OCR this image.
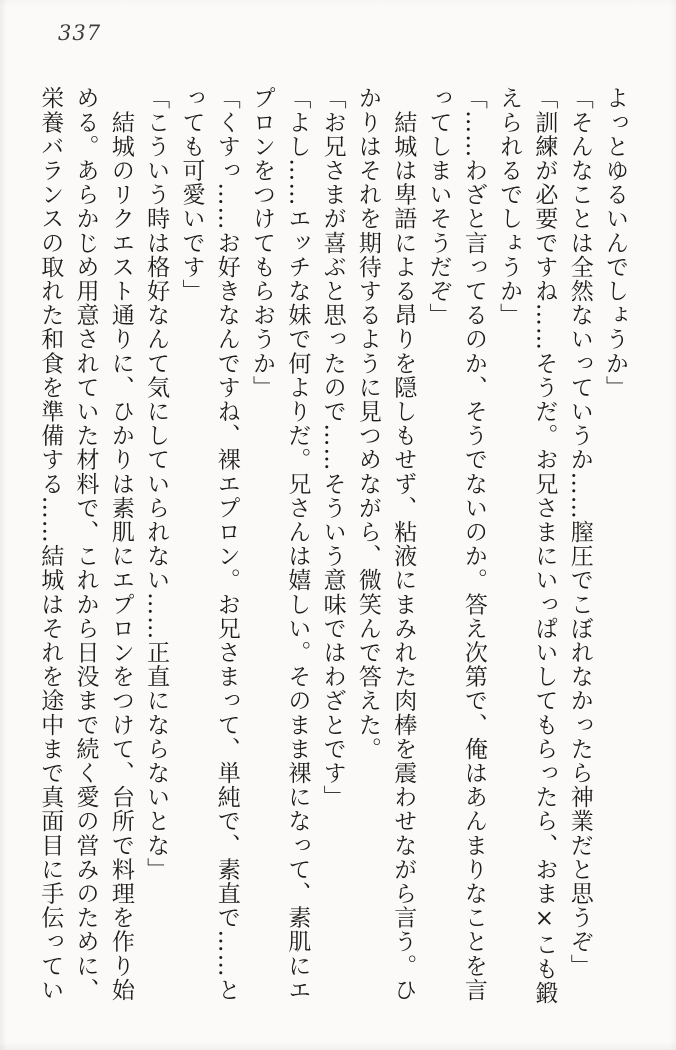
337
よっとゆるいんでしょうか」
「そんなことは全然ないっていうか……膣圧でこぼれなかったら神業だと思うぞ」
「訓練が必要ですね……そうだ。お兄さまにいっぱいしてもらったら、おま×こも鍛
えられるでしょうか」
「……わざと言ってるのか、そうでないのか。答え次第で、俺はあんまりなことを言
ってしまいそうだぞ」
　結城は卑語による昂りを隠しもせず、粘液にまみれた肉棒を震わせながら言う。ひ
かりはそれを期待するように見つめながら、微笑んで答えた。
「お兄さまが喜ぶと思ったので……そういう意味ではわざとです」
「よし……エッチな妹で何よりだ。兄さんは嬉しい。そのまま裸になって、素肌にエ
プロンをつけてもらおうか」
「くすっ……お好きなんですね、裸エプロン。お兄さまって、単純で、素直で……と
っても可愛いです」
「こういう時は格好なんて気にしていられない……正直にならないとな」
　結城のリクエスト通りに、ひかりは素肌にエプロンをつけて、台所で料理を作り始
める。あらかじめ用意されていた材料で、これから日没まで続く愛の営みのために、
栄養バランスの取れた和食を準備する……結城はそれを途中まで真面目に手伝ってい
